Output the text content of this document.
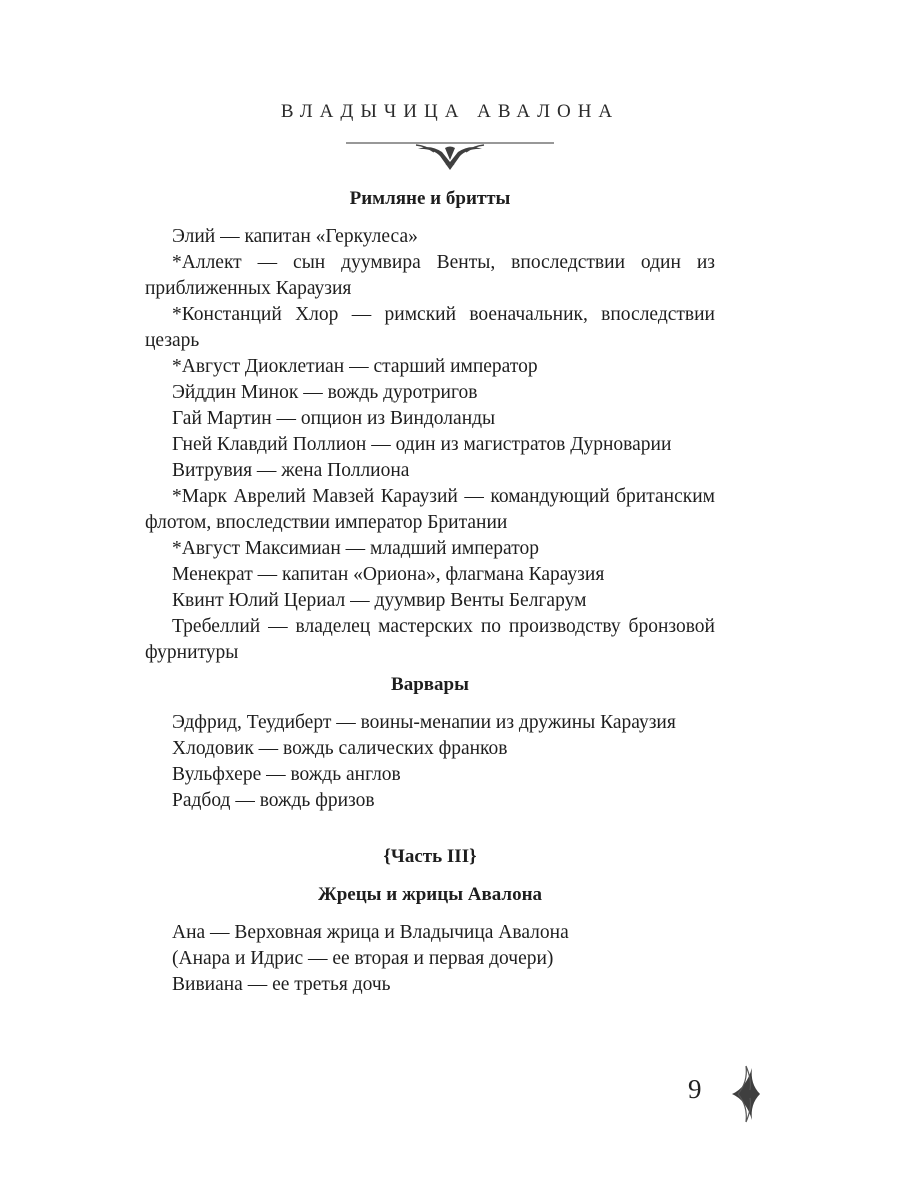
ВЛАДЫЧИЦА АВАЛОНА
Римляне и бритты

Элий — капитан «Геркулеса»

*Аллект — сын дуумвира Венты, впоследствии один из приближенных Караузия

*Констанций Хлор — римский военачальник, впоследствии цезарь

*Август Диоклетиан — старший император

Эйддин Минок — вождь дуротригов

Гай Мартин — опцион из Виндоланды

Гней Клавдий Поллион — один из магистратов Дурноварии

Витрувия — жена Поллиона

*Марк Аврелий Мавзей Караузий — командующий британским флотом, впоследствии император Британии

*Август Максимиан — младший император

Менекрат — капитан «Ориона», флагмана Караузия

Квинт Юлий Цериал — дуумвир Венты Белгарум

Требеллий — владелец мастерских по производству бронзовой фурнитуры

Варвары

Эдфрид, Теудиберт — воины-менапии из дружины Караузия

Хлодовик — вождь салических франков

Вульфхере — вождь англов

Радбод — вождь фризов

{Часть III}
Жрецы и жрицы Авалона

Ана — Верховная жрица и Владычица Авалона

(Анара и Идрис — ее вторая и первая дочери)

Вивиана — ее третья дочь

9
